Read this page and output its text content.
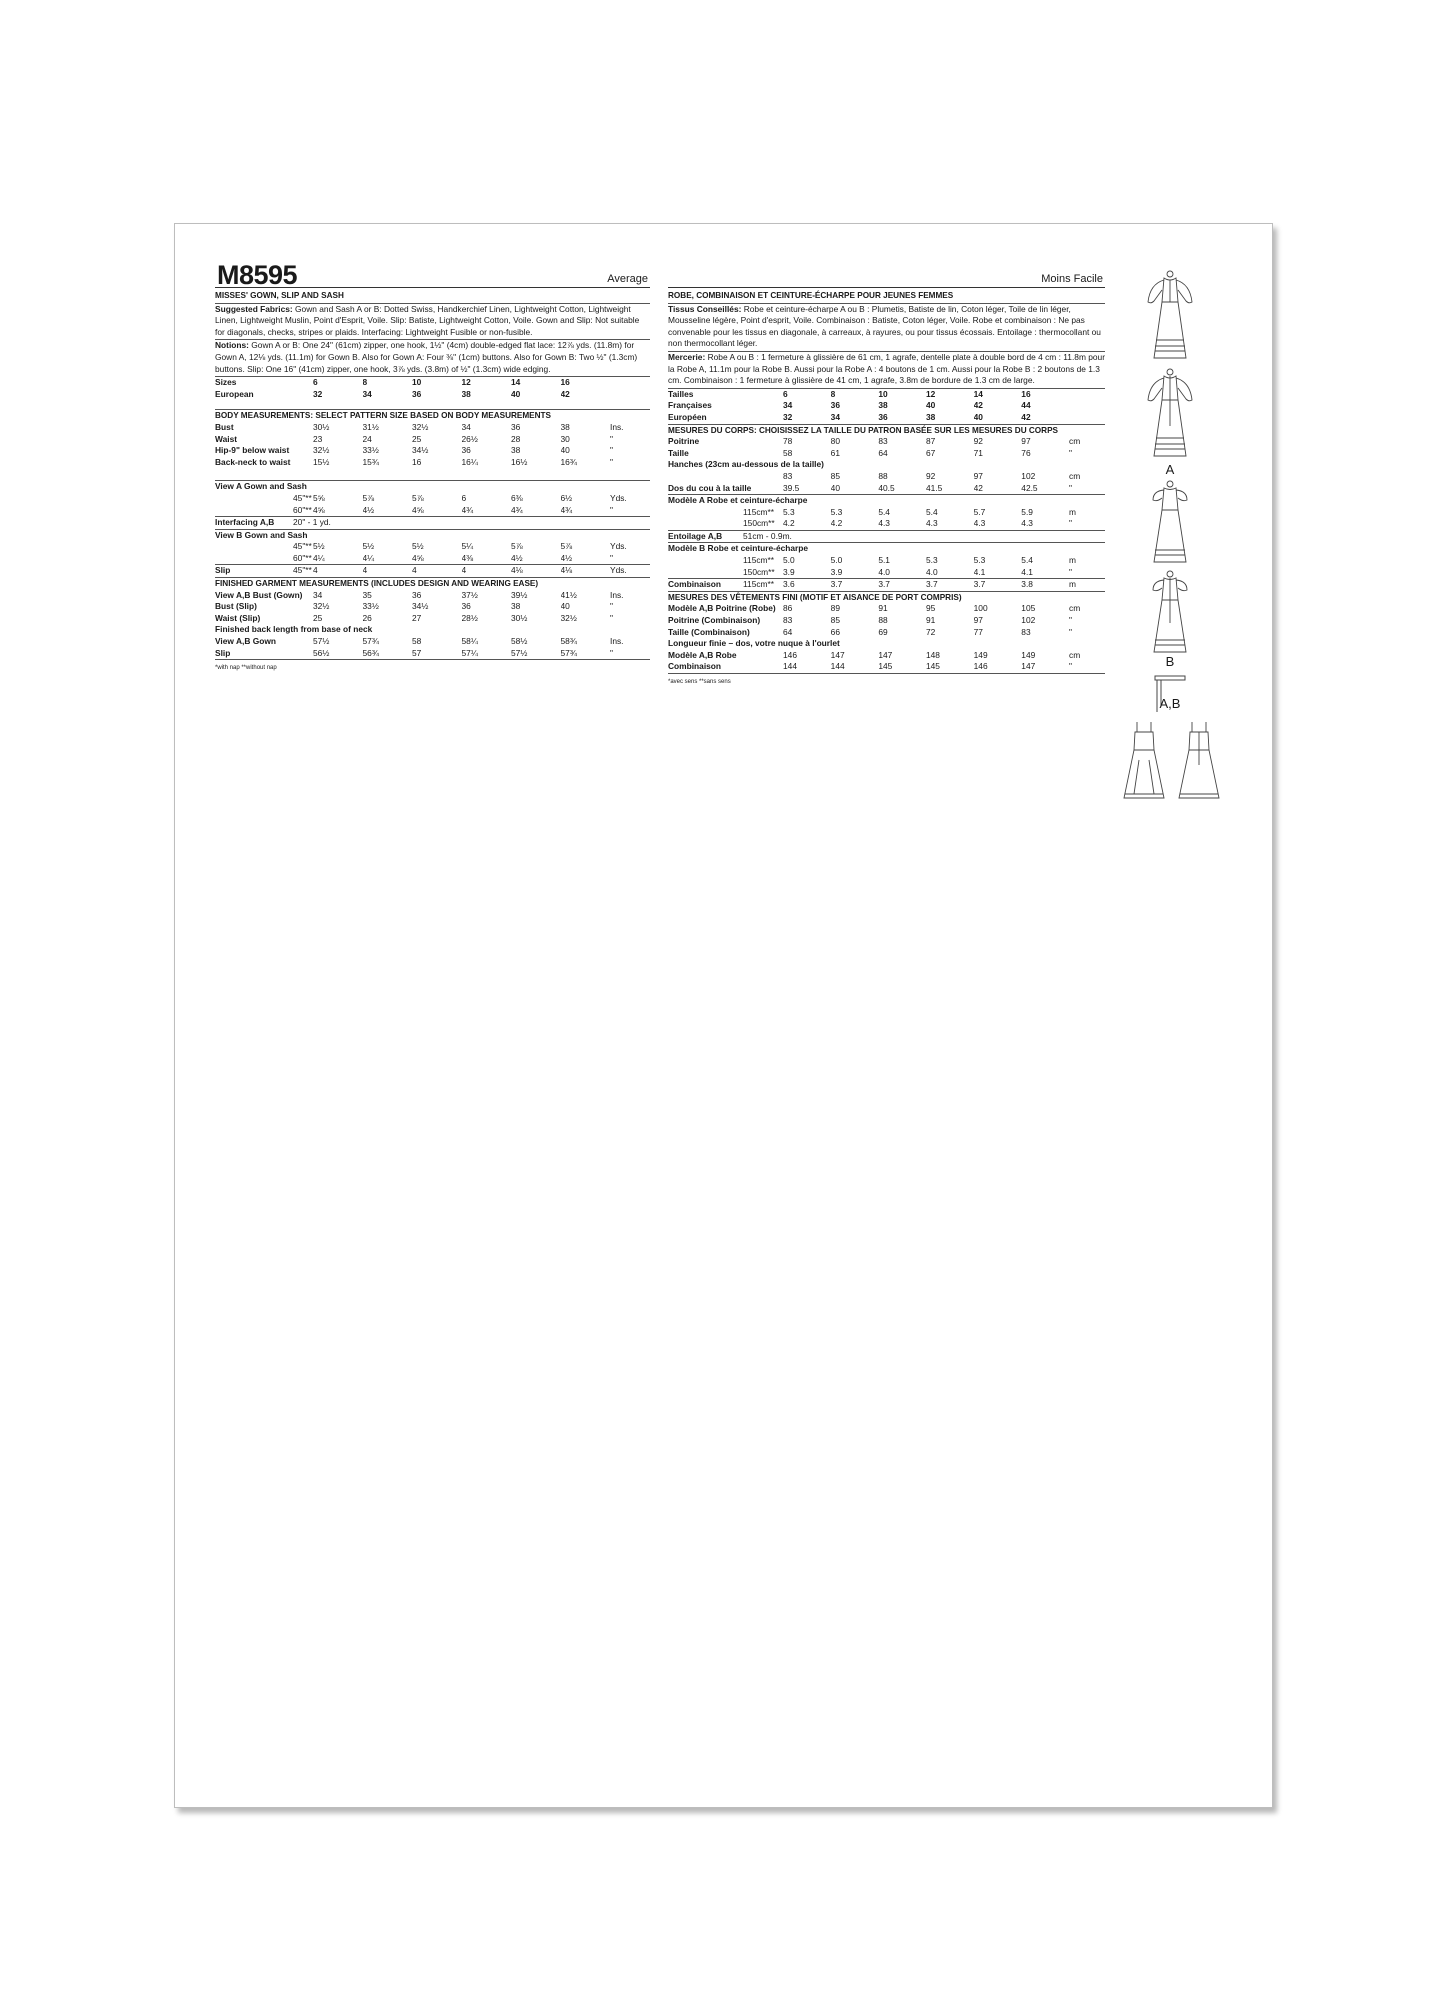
M8595	Average
MISSES' GOWN, SLIP AND SASH

Suggested Fabrics: Gown and Sash A or B: Dotted Swiss, Handkerchief Linen, Lightweight Cotton, Lightweight Linen, Lightweight Muslin, Point d'Esprit, Voile. Slip: Batiste, Lightweight Cotton, Voile. Gown and Slip: Not suitable for diagonals, checks, stripes or plaids. Interfacing: Lightweight Fusible or non-fusible.

Notions: Gown A or B: One 24" (61cm) zipper, one hook, 1½" (4cm) double-edged flat lace: 12⅞ yds. (11.8m) for Gown A, 12⅛ yds. (11.1m) for Gown B. Also for Gown A: Four ⅜" (1cm) buttons. Also for Gown B: Two ½" (1.3cm) buttons. Slip: One 16" (41cm) zipper, one hook, 3⅞ yds. (3.8m) of ½" (1.3cm) wide edging.

Sizes		6	8	10	12	14	16	
European		32	34	36	38	40	42	

BODY MEASUREMENTS: SELECT PATTERN SIZE BASED ON BODY MEASUREMENTS								
Bust		30½	31½	32½	34	36	38	Ins.
Waist		23	24	25	26½	28	30	"
Hip-9" below waist		32½	33½	34½	36	38	40	"
Back-neck to waist		15½	15¾	16	16¼	16½	16¾	"

View A Gown and Sash								
	45"**	5⅝	5⅞	5⅞	6	6⅜	6½	Yds.
	60"**	4⅝	4½	4⅝	4¾	4¾	4¾	"
Interfacing A,B	20" - 1 yd.							
View B Gown and Sash								
	45"**	5½	5½	5½	5¼	5⅞	5⅞	Yds.
	60"**	4¼	4¼	4⅝	4⅜	4½	4½	"
Slip	45"**	4	4	4	4	4⅛	4⅛	Yds.
FINISHED GARMENT MEASUREMENTS (INCLUDES DESIGN AND WEARING EASE)								
View A,B Bust (Gown)		34	35	36	37½	39½	41½	Ins.
Bust (Slip)		32½	33½	34½	36	38	40	"
Waist (Slip)		25	26	27	28½	30½	32½	"
Finished back length from base of neck								
View A,B Gown		57½	57¾	58	58¼	58½	58¾	Ins.
Slip		56½	56¾	57	57¼	57½	57¾	"
*with nap **without nap
Moins Facile
ROBE, COMBINAISON ET CEINTURE-ÉCHARPE POUR JEUNES FEMMES

Tissus Conseillés: Robe et ceinture-écharpe A ou B : Plumetis, Batiste de lin, Coton léger, Toile de lin léger, Mousseline légère, Point d'esprit, Voile. Combinaison : Batiste, Coton léger, Voile. Robe et combinaison : Ne pas convenable pour les tissus en diagonale, à carreaux, à rayures, ou pour tissus écossais. Entoilage : thermocollant ou non thermocollant léger.

Mercerie: Robe A ou B : 1 fermeture à glissière de 61 cm, 1 agrafe, dentelle plate à double bord de 4 cm : 11.8m pour la Robe A, 11.1m pour la Robe B. Aussi pour la Robe A : 4 boutons de 1 cm. Aussi pour la Robe B : 2 boutons de 1.3 cm. Combinaison : 1 fermeture à glissière de 41 cm, 1 agrafe, 3.8m de bordure de 1.3 cm de large.

Tailles		6	8	10	12	14	16	
Françaises		34	36	38	40	42	44	
Européen		32	34	36	38	40	42	
MESURES DU CORPS: CHOISISSEZ LA TAILLE DU PATRON BASÉE SUR LES MESURES DU CORPS								
Poitrine		78	80	83	87	92	97	cm
Taille		58	61	64	67	71	76	"
Hanches (23cm au-dessous de la taille)								
		83	85	88	92	97	102	cm
Dos du cou à la taille		39.5	40	40.5	41.5	42	42.5	"
Modèle A Robe et ceinture-écharpe								
	115cm**	5.3	5.3	5.4	5.4	5.7	5.9	m
	150cm**	4.2	4.2	4.3	4.3	4.3	4.3	"
Entoilage A,B	51cm - 0.9m.							
Modèle B Robe et ceinture-écharpe								
	115cm**	5.0	5.0	5.1	5.3	5.3	5.4	m
	150cm**	3.9	3.9	4.0	4.0	4.1	4.1	"
Combinaison	115cm**	3.6	3.7	3.7	3.7	3.7	3.8	m
MESURES DES VÊTEMENTS FINI (MOTIF ET AISANCE DE PORT COMPRIS)								
Modèle A,B Poitrine (Robe)		86	89	91	95	100	105	cm
Poitrine (Combinaison)		83	85	88	91	97	102	"
Taille (Combinaison)		64	66	69	72	77	83	"
Longueur finie – dos, votre nuque à l'ourlet								
Modèle A,B Robe		146	147	147	148	149	149	cm
Combinaison		144	144	145	145	146	147	"
*avec sens **sans sens
A
B
A,B
